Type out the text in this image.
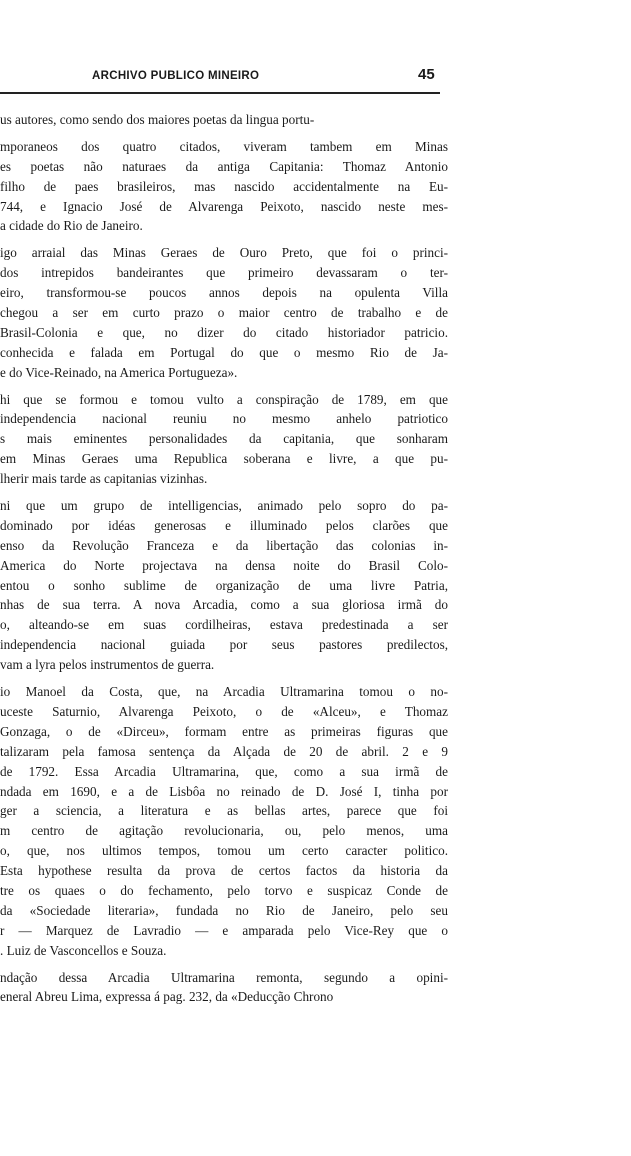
ARCHIVO PUBLICO MINEIRO	45
us autores, como sendo dos maiores poetas da lingua portu-
mporaneos dos quatro citados, viveram tambem em Minas
es poetas não naturaes da antiga Capitania: Thomaz Antonio
filho de paes brasileiros, mas nascido accidentalmente na Eu-
744, e Ignacio José de Alvarenga Peixoto, nascido neste mes-
a cidade do Rio de Janeiro.
igo arraial das Minas Geraes de Ouro Preto, que foi o princi-
dos intrepidos bandeirantes que primeiro devassaram o ter-
eiro, transformou-se poucos annos depois na opulenta Villa
chegou a ser em curto prazo o maior centro de trabalho e de
Brasil-Colonia e que, no dizer do citado historiador patricio.
conhecida e falada em Portugal do que o mesmo Rio de Ja-
e do Vice-Reinado, na America Portugueza».
hi que se formou e tomou vulto a conspiração de 1789, em que
independencia nacional reuniu no mesmo anhelo patriotico
s mais eminentes personalidades da capitania, que sonharam
em Minas Geraes uma Republica soberana e livre, a que pu-
lherir mais tarde as capitanias vizinhas.
ni que um grupo de intelligencias, animado pelo sopro do pa-
dominado por idéas generosas e illuminado pelos clarões que
enso da Revolução Franceza e da libertação das colonias in-
America do Norte projectava na densa noite do Brasil Colo-
entou o sonho sublime de organização de uma livre Patria,
nhas de sua terra. A nova Arcadia, como a sua gloriosa irmã do
o, alteando-se em suas cordilheiras, estava predestinada a ser
independencia nacional guiada por seus pastores predilectos,
vam a lyra pelos instrumentos de guerra.
io Manoel da Costa, que, na Arcadia Ultramarina tomou o no-
uceste Saturnio, Alvarenga Peixoto, o de «Alceu», e Thomaz
Gonzaga, o de «Dirceu», formam entre as primeiras figuras que
talizaram pela famosa sentença da Alçada de 20 de abril. 2 e 9
de 1792. Essa Arcadia Ultramarina, que, como a sua irmã de
ndada em 1690, e a de Lisbôa no reinado de D. José I, tinha por
ger a sciencia, a literatura e as bellas artes, parece que foi
m centro de agitação revolucionaria, ou, pelo menos, uma
o, que, nos ultimos tempos, tomou um certo caracter politico.
Esta hypothese resulta da prova de certos factos da historia da
tre os quaes o do fechamento, pelo torvo e suspicaz Conde de
da «Sociedade literaria», fundada no Rio de Janeiro, pelo seu
r — Marquez de Lavradio — e amparada pelo Vice-Rey que o
. Luiz de Vasconcellos e Souza.
ndação dessa Arcadia Ultramarina remonta, segundo a opini-
eneral Abreu Lima, expressa á pag. 232, da «Deducção Chrono
